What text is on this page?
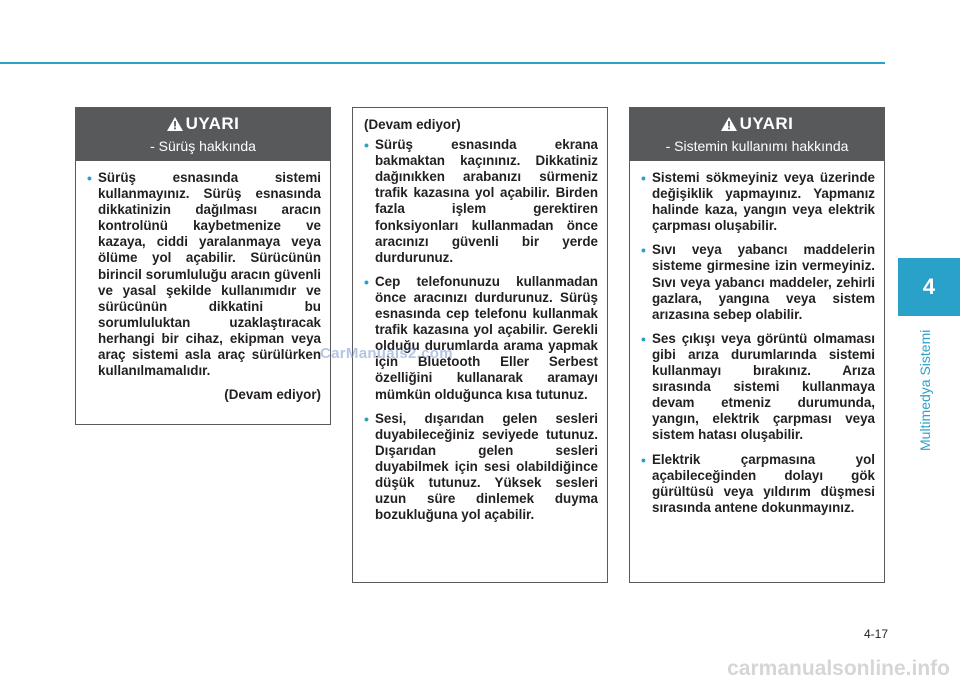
UYARI
- Sürüş hakkında
• Sürüş esnasında sistemi kullanmayınız. Sürüş esnasında dikkatinizin dağılması aracın kontrolünü kaybetmenize ve kazaya, ciddi yaralanmaya veya ölüme yol açabilir. Sürücünün birincil sorumluluğu aracın güvenli ve yasal şekilde kullanımıdır ve sürücünün dikkatini bu sorumluluktan uzaklaştıracak herhangi bir cihaz, ekipman veya araç sistemi asla araç sürülürken kullanılmamalıdır.
(Devam ediyor)
(Devam ediyor)
• Sürüş esnasında ekrana bakmaktan kaçınınız. Dikkatiniz dağınıkken arabanızı sürmeniz trafik kazasına yol açabilir. Birden fazla işlem gerektiren fonksiyonları kullanmadan önce aracınızı güvenli bir yerde durdurunuz.
• Cep telefonunuzu kullanmadan önce aracınızı durdurunuz. Sürüş esnasında cep telefonu kullanmak trafik kazasına yol açabilir. Gerekli olduğu durumlarda arama yapmak için Bluetooth Eller Serbest özelliğini kullanarak aramayı mümkün olduğunca kısa tutunuz.
• Sesi, dışarıdan gelen sesleri duyabileceğiniz seviyede tutunuz. Dışarıdan gelen sesleri duyabilmek için sesi olabildiğince düşük tutunuz. Yüksek sesleri uzun süre dinlemek duyma bozukluğuna yol açabilir.
UYARI
- Sistemin kullanımı hakkında
• Sistemi sökmeyiniz veya üzerinde değişiklik yapmayınız. Yapmanız halinde kaza, yangın veya elektrik çarpması oluşabilir.
• Sıvı veya yabancı maddelerin sisteme girmesine izin vermeyiniz. Sıvı veya yabancı maddeler, zehirli gazlara, yangına veya sistem arızasına sebep olabilir.
• Ses çıkışı veya görüntü olmaması gibi arıza durumlarında sistemi kullanmayı bırakınız. Arıza sırasında sistemi kullanmaya devam etmeniz durumunda, yangın, elektrik çarpması veya sistem hatası oluşabilir.
• Elektrik çarpmasına yol açabileceğinden dolayı gök gürültüsü veya yıldırım düşmesi sırasında antene dokunmayınız.
4
Multimedya Sistemi
CarManuals2.com
4-17
carmanualsonline.info
